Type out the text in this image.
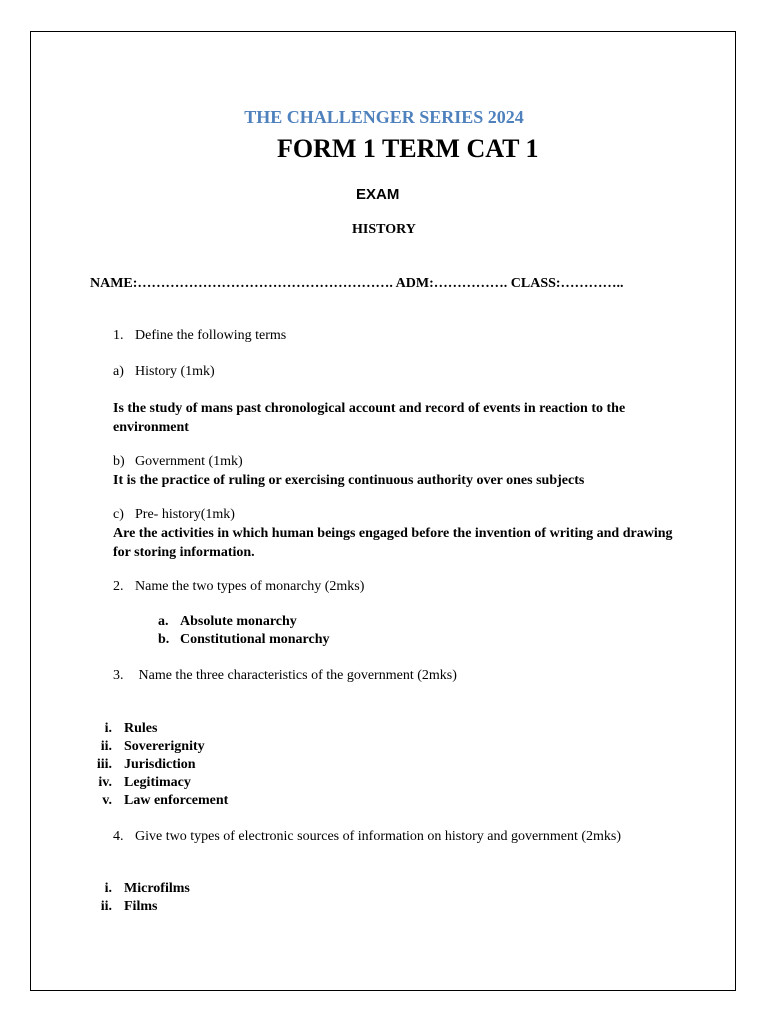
THE CHALLENGER SERIES 2024
FORM 1 TERM CAT 1
EXAM
HISTORY
NAME:………………………………………………. ADM:……………. CLASS:…………..
1. Define the following terms
a) History (1mk)
Is the study of mans past chronological account and record of events in reaction to the environment
b) Government (1mk)
It is the practice of ruling or exercising continuous authority over ones subjects
c) Pre- history(1mk)
Are the activities in which human beings engaged before the invention of writing and drawing for storing information.
2. Name the two types of monarchy (2mks)
a. Absolute monarchy
b. Constitutional monarchy
3. Name the three characteristics of the government (2mks)
i. Rules
ii. Sovererignity
iii. Jurisdiction
iv. Legitimacy
v. Law enforcement
4. Give two types of electronic sources of information on history and government (2mks)
i. Microfilms
ii. Films
